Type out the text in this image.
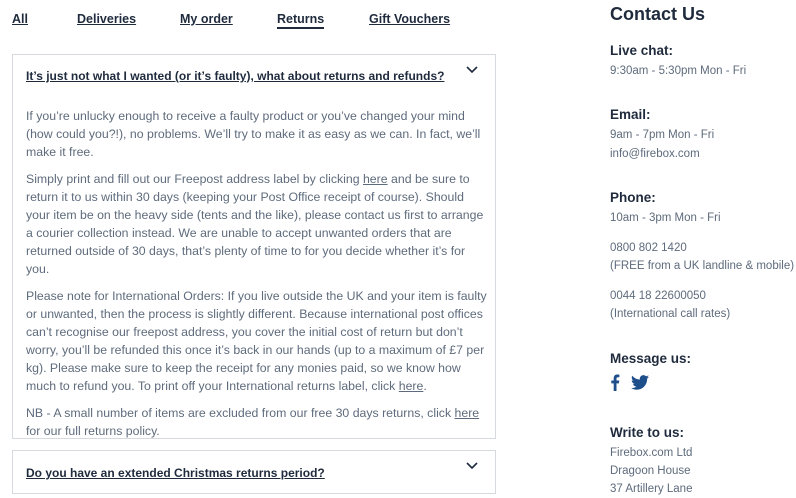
All	Deliveries	My order	Returns	Gift Vouchers
It’s just not what I wanted (or it’s faulty), what about returns and refunds?

If you’re unlucky enough to receive a faulty product or you’ve changed your mind (how could you?!), no problems. We’ll try to make it as easy as we can. In fact, we’ll make it free.

Simply print and fill out our Freepost address label by clicking here and be sure to return it to us within 30 days (keeping your Post Office receipt of course). Should your item be on the heavy side (tents and the like), please contact us first to arrange a courier collection instead. We are unable to accept unwanted orders that are returned outside of 30 days, that’s plenty of time to for you decide whether it’s for you.

Please note for International Orders: If you live outside the UK and your item is faulty or unwanted, then the process is slightly different. Because international post offices can’t recognise our freepost address, you cover the initial cost of return but don’t worry, you’ll be refunded this once it’s back in our hands (up to a maximum of £7 per kg). Please make sure to keep the receipt for any monies paid, so we know how much to refund you. To print off your International returns label, click here.

NB - A small number of items are excluded from our free 30 days returns, click here for our full returns policy.

Do you have an extended Christmas returns period?
Contact Us
Live chat:
9:30am - 5:30pm Mon - Fri
Email:
9am - 7pm Mon - Fri
info@firebox.com
Phone:
10am - 3pm Mon - Fri
0800 802 1420
(FREE from a UK landline & mobile)
0044 18 22600050
(International call rates)
Message us:
Write to us:
Firebox.com Ltd
Dragoon House
37 Artillery Lane
